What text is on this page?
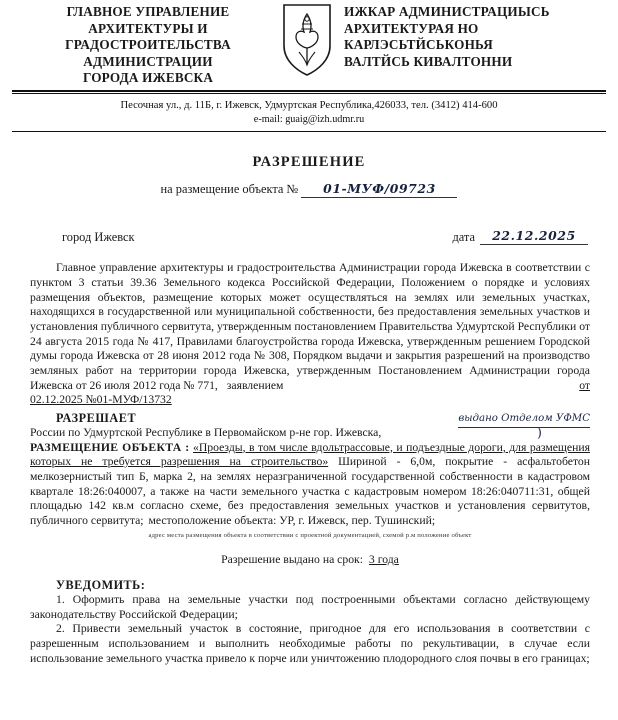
ГЛАВНОЕ УПРАВЛЕНИЕ
АРХИТЕКТУРЫ И
ГРАДОСТРОИТЕЛЬСТВА
АДМИНИСТРАЦИИ
ГОРОДА ИЖЕВСКА
ИЖКАР АДМИНИСТРАЦИЫСЬ
АРХИТЕКТУРАЯ НО
КАРЛЭСЬТЙСЬКОНЬЯ
ВАЛТЙСЬ КИВАЛТОННИ
Песочная ул., д. 11Б, г. Ижевск, Удмуртская Республика,426033, тел. (3412) 414-600
e-mail: guaig@izh.udmr.ru
РАЗРЕШЕНИЕ
на размещение объекта № 01-МУФ/09723
город Ижевск	дата	22.12.2025

Главное управление архитектуры и градостроительства Администрации города Ижевска в соответствии с пунктом 3 статьи 39.36 Земельного кодекса Российской Федерации, Положением о порядке и условиях размещения объектов, размещение которых может осуществляться на землях или земельных участках, находящихся в государственной или муниципальной собственности, без предоставления земельных участков и установления публичного сервитута, утвержденным постановлением Правительства Удмуртской Республики от 24 августа 2015 года № 417, Правилами благоустройства города Ижевска, утвержденным решением Городской думы города Ижевска от 28 июня 2012 года № 308, Порядком выдачи и закрытия разрешений на производство земляных работ на территории города Ижевска, утвержденным Постановлением Администрации города Ижевска от 26 июля 2012 года № 771, заявлением	от

02.12.2025 №01-МУФ/13732

РАЗРЕШАЕТ

России по Удмуртской Республике в Первомайском р-не гор. Ижевска,
выдано Отделом УФМС
)

РАЗМЕЩЕНИЕ ОБЪЕКТА : «Проезды, в том числе вдольтрассовые, и подъездные дороги, для размещения которых не требуется разрешения на строительство» Шириной - 6,0м, покрытие - асфальтобетон мелкозернистый тип Б, марка 2, на землях неразграниченной государственной собственности в кадастровом квартале 18:26:040007, а также на части земельного участка с кадастровым номером 18:26:040711:31, общей площадью 142 кв.м согласно схеме, без предоставления земельных участков и установления сервитутов, публичного сервитута; местоположение объекта: УР, г. Ижевск, пер. Тушинский;

адрес места размещения объекта в соответствии с проектной документацией, схемой р.м положение объект
Разрешение выдано на срок: 3 года
УВЕДОМИТЬ:

1. Оформить права на земельные участки под построенными объектами согласно действующему законодательству Российской Федерации;

2. Привести земельный участок в состояние, пригодное для его использования в соответствии с разрешенным использованием и выполнить необходимые работы по рекультивации, в случае если использование земельного участка привело к порче или уничтожению плодородного слоя почвы в его границах;
